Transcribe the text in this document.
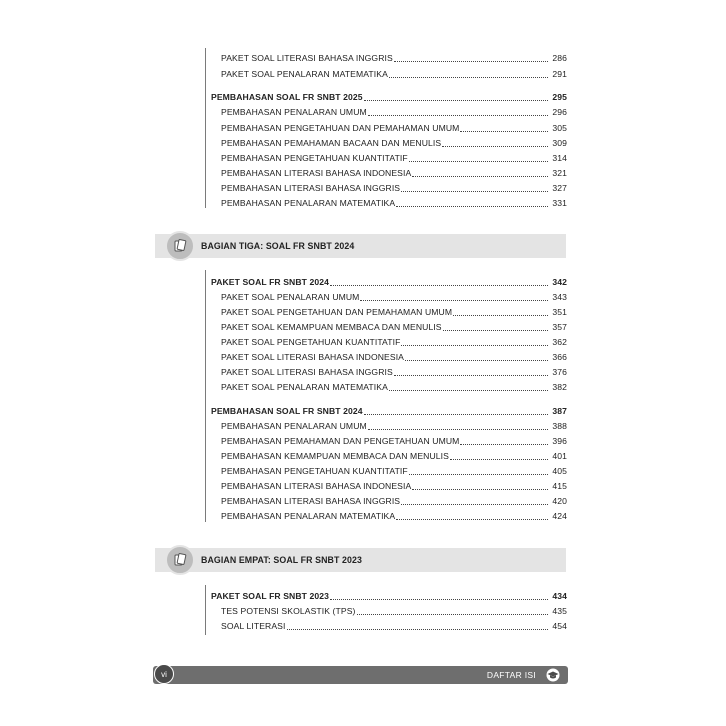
PAKET SOAL LITERASI BAHASA INGGRIS	286
PAKET SOAL PENALARAN MATEMATIKA	291
PEMBAHASAN SOAL FR SNBT 2025	295
PEMBAHASAN PENALARAN UMUM	296
PEMBAHASAN PENGETAHUAN DAN PEMAHAMAN UMUM	305
PEMBAHASAN PEMAHAMAN BACAAN DAN MENULIS	309
PEMBAHASAN PENGETAHUAN KUANTITATIF	314
PEMBAHASAN LITERASI BAHASA INDONESIA	321
PEMBAHASAN LITERASI BAHASA INGGRIS	327
PEMBAHASAN PENALARAN MATEMATIKA	331
BAGIAN TIGA: SOAL FR SNBT 2024
PAKET SOAL FR SNBT 2024	342
PAKET SOAL PENALARAN UMUM	343
PAKET SOAL PENGETAHUAN DAN PEMAHAMAN UMUM	351
PAKET SOAL KEMAMPUAN MEMBACA DAN MENULIS	357
PAKET SOAL PENGETAHUAN KUANTITATIF	362
PAKET SOAL LITERASI BAHASA INDONESIA	366
PAKET SOAL LITERASI BAHASA INGGRIS	376
PAKET SOAL PENALARAN MATEMATIKA	382
PEMBAHASAN SOAL FR SNBT 2024	387
PEMBAHASAN PENALARAN UMUM	388
PEMBAHASAN PEMAHAMAN DAN PENGETAHUAN UMUM	396
PEMBAHASAN KEMAMPUAN MEMBACA DAN MENULIS	401
PEMBAHASAN PENGETAHUAN KUANTITATIF	405
PEMBAHASAN LITERASI BAHASA INDONESIA	415
PEMBAHASAN LITERASI BAHASA INGGRIS	420
PEMBAHASAN PENALARAN MATEMATIKA	424
BAGIAN EMPAT: SOAL FR SNBT 2023
PAKET SOAL FR SNBT 2023	434
TES POTENSI SKOLASTIK (TPS)	435
SOAL LITERASI	454
vi	DAFTAR ISI
